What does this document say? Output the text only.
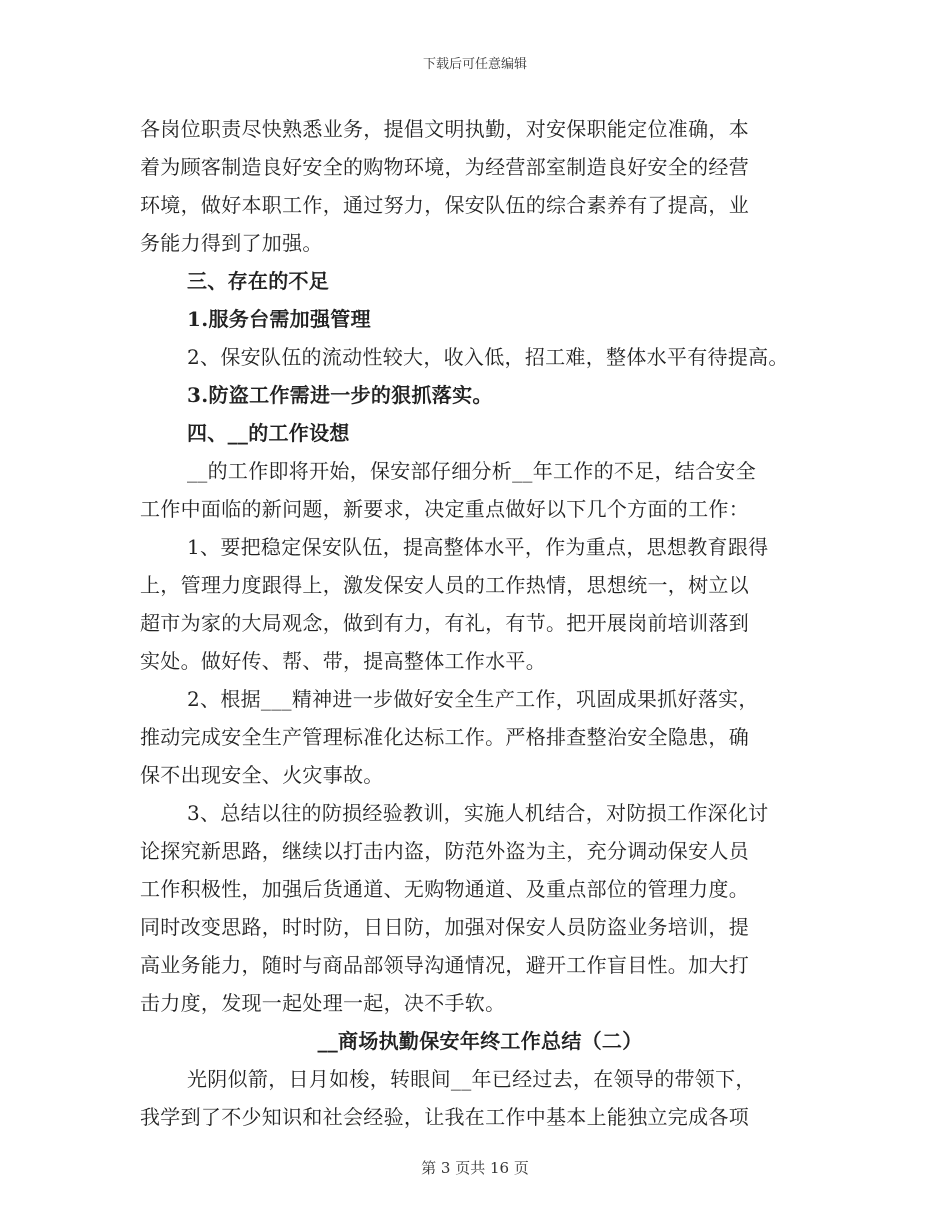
下载后可任意编辑
各岗位职责尽快熟悉业务，提倡文明执勤，对安保职能定位准确，本
着为顾客制造良好安全的购物环境，为经营部室制造良好安全的经营
环境，做好本职工作，通过努力，保安队伍的综合素养有了提高，业
务能力得到了加强。
三、存在的不足
1.服务台需加强管理
2、保安队伍的流动性较大，收入低，招工难，整体水平有待提高。
3.防盗工作需进一步的狠抓落实。
四、__的工作设想
__的工作即将开始，保安部仔细分析__年工作的不足，结合安全
工作中面临的新问题，新要求，决定重点做好以下几个方面的工作：
1、要把稳定保安队伍，提高整体水平，作为重点，思想教育跟得
上，管理力度跟得上，激发保安人员的工作热情，思想统一，树立以
超市为家的大局观念，做到有力，有礼，有节。把开展岗前培训落到
实处。做好传、帮、带，提高整体工作水平。
2、根据___精神进一步做好安全生产工作，巩固成果抓好落实，
推动完成安全生产管理标准化达标工作。严格排查整治安全隐患，确
保不出现安全、火灾事故。
3、总结以往的防损经验教训，实施人机结合，对防损工作深化讨
论探究新思路，继续以打击内盗，防范外盗为主，充分调动保安人员
工作积极性，加强后货通道、无购物通道、及重点部位的管理力度。
同时改变思路，时时防，日日防，加强对保安人员防盗业务培训，提
高业务能力，随时与商品部领导沟通情况，避开工作盲目性。加大打
击力度，发现一起处理一起，决不手软。
__商场执勤保安年终工作总结（二）
光阴似箭，日月如梭，转眼间__年已经过去，在领导的带领下，
我学到了不少知识和社会经验，让我在工作中基本上能独立完成各项
第 3 页共 16 页
